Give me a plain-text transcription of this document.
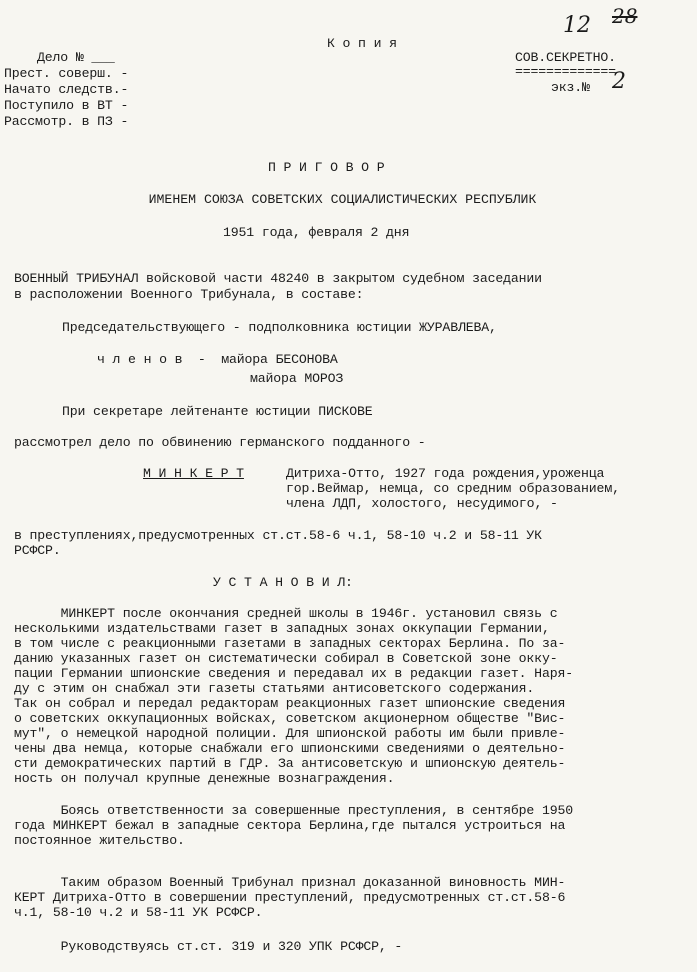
К о п и я
12 28
СОВ.СЕКРЕТНО.
=============
экз.№ 2
Дело № ___
Прест. соверш. -
Начато следств.-
Поступило в ВТ -
Рассмотр. в ПЗ -
П Р И Г О В О Р
ИМЕНЕМ СОЮЗА СОВЕТСКИХ СОЦИАЛИСТИЧЕСКИХ РЕСПУБЛИК
1951 года, февраля 2 дня
ВОЕННЫЙ ТРИБУНАЛ войсковой части 48240 в закрытом судебном заседании
в расположении Военного Трибунала, в составе:
Председательствующего - подполковника юстиции ЖУРАВЛЕВА,
ч л е н о в  -  майора БЕСОНОВА
майора МОРОЗ
При секретаре лейтенанте юстиции ПИСКОВЕ
рассмотрел дело по обвинению германского подданного -
М И Н К Е Р Т	Дитриха-Отто, 1927 года рождения,уроженца
гор.Веймар, немца, со средним образованием,
члена ЛДП, холостого, несудимого, -
в преступлениях,предусмотренных ст.ст.58-6 ч.1, 58-10 ч.2 и 58-11 УК
РСФСР.
У С Т А Н О В И Л:
МИНКЕРТ после окончания средней школы в 1946г. установил связь с
несколькими издательствами газет в западных зонах оккупации Германии,
в том числе с реакционными газетами в западных секторах Берлина. По за-
данию указанных газет он систематически собирал в Советской зоне окку-
пации Германии шпионские сведения и передавал их в редакции газет. Наря-
ду с этим он снабжал эти газеты статьями антисоветского содержания.
Так он собрал и передал редакторам реакционных газет шпионские сведения
о советских оккупационных войсках, советском акционерном обществе "Вис-
мут", о немецкой народной полиции. Для шпионской работы им были привле-
чены два немца, которые снабжали его шпионскими сведениями о деятельно-
сти демократических партий в ГДР. За антисоветскую и шпионскую деятель-
ность он получал крупные денежные вознаграждения.
Боясь ответственности за совершенные преступления, в сентябре 1950
года МИНКЕРТ бежал в западные сектора Берлина,где пытался устроиться на
постоянное жительство.
Таким образом Военный Трибунал признал доказанной виновность МИН-
КЕРТ Дитриха-Отто в совершении преступлений, предусмотренных ст.ст.58-6
ч.1, 58-10 ч.2 и 58-11 УК РСФСР.
Руководствуясь ст.ст. 319 и 320 УПК РСФСР, -
